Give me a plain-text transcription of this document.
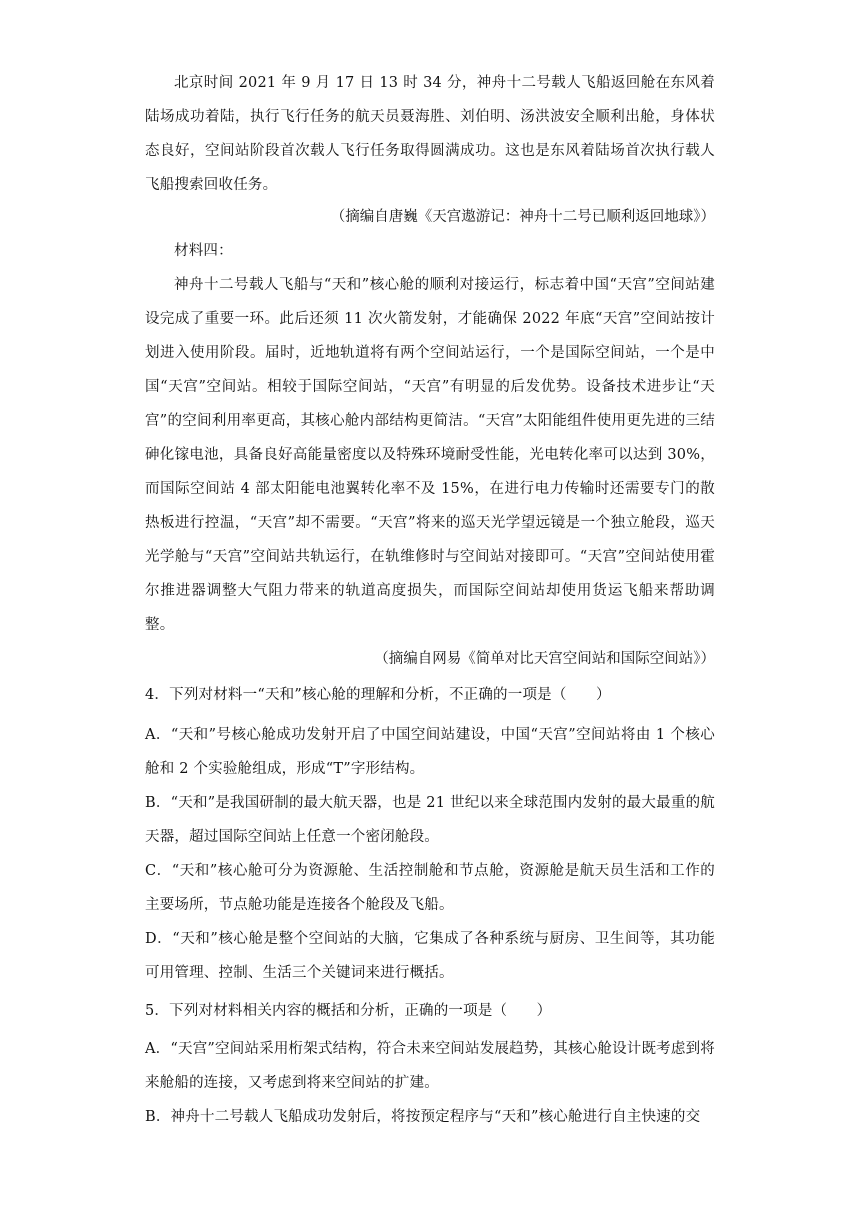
北京时间 2021 年 9 月 17 日 13 时 34 分，神舟十二号载人飞船返回舱在东风着陆场成功着陆，执行飞行任务的航天员聂海胜、刘伯明、汤洪波安全顺利出舱，身体状态良好，空间站阶段首次载人飞行任务取得圆满成功。这也是东风着陆场首次执行载人飞船搜索回收任务。

（摘编自唐巍《天宫遨游记：神舟十二号已顺利返回地球》）

材料四：

神舟十二号载人飞船与“天和”核心舱的顺利对接运行，标志着中国“天宫”空间站建设完成了重要一环。此后还须 11 次火箭发射，才能确保 2022 年底“天宫”空间站按计划进入使用阶段。届时，近地轨道将有两个空间站运行，一个是国际空间站，一个是中国“天宫”空间站。相较于国际空间站，“天宫”有明显的后发优势。设备技术进步让“天宫”的空间利用率更高，其核心舱内部结构更简洁。“天宫”太阳能组件使用更先进的三结砷化镓电池，具备良好高能量密度以及特殊环境耐受性能，光电转化率可以达到 30%，而国际空间站 4 部太阳能电池翼转化率不及 15%，在进行电力传输时还需要专门的散热板进行控温，“天宫”却不需要。“天宫”将来的巡天光学望远镜是一个独立舱段，巡天光学舱与“天宫”空间站共轨运行，在轨维修时与空间站对接即可。“天宫”空间站使用霍尔推进器调整大气阻力带来的轨道高度损失，而国际空间站却使用货运飞船来帮助调整。

（摘编自网易《简单对比天宫空间站和国际空间站》）

4．下列对材料一“天和”核心舱的理解和分析，不正确的一项是（　　）

A．“天和”号核心舱成功发射开启了中国空间站建设，中国“天宫”空间站将由 1 个核心舱和 2 个实验舱组成，形成“T”字形结构。

B．“天和”是我国研制的最大航天器，也是 21 世纪以来全球范围内发射的最大最重的航天器，超过国际空间站上任意一个密闭舱段。

C．“天和”核心舱可分为资源舱、生活控制舱和节点舱，资源舱是航天员生活和工作的主要场所，节点舱功能是连接各个舱段及飞船。

D．“天和”核心舱是整个空间站的大脑，它集成了各种系统与厨房、卫生间等，其功能可用管理、控制、生活三个关键词来进行概括。

5．下列对材料相关内容的概括和分析，正确的一项是（　　）

A．“天宫”空间站采用桁架式结构，符合未来空间站发展趋势，其核心舱设计既考虑到将来舱船的连接，又考虑到将来空间站的扩建。

B．神舟十二号载人飞船成功发射后，将按预定程序与“天和”核心舱进行自主快速的交
